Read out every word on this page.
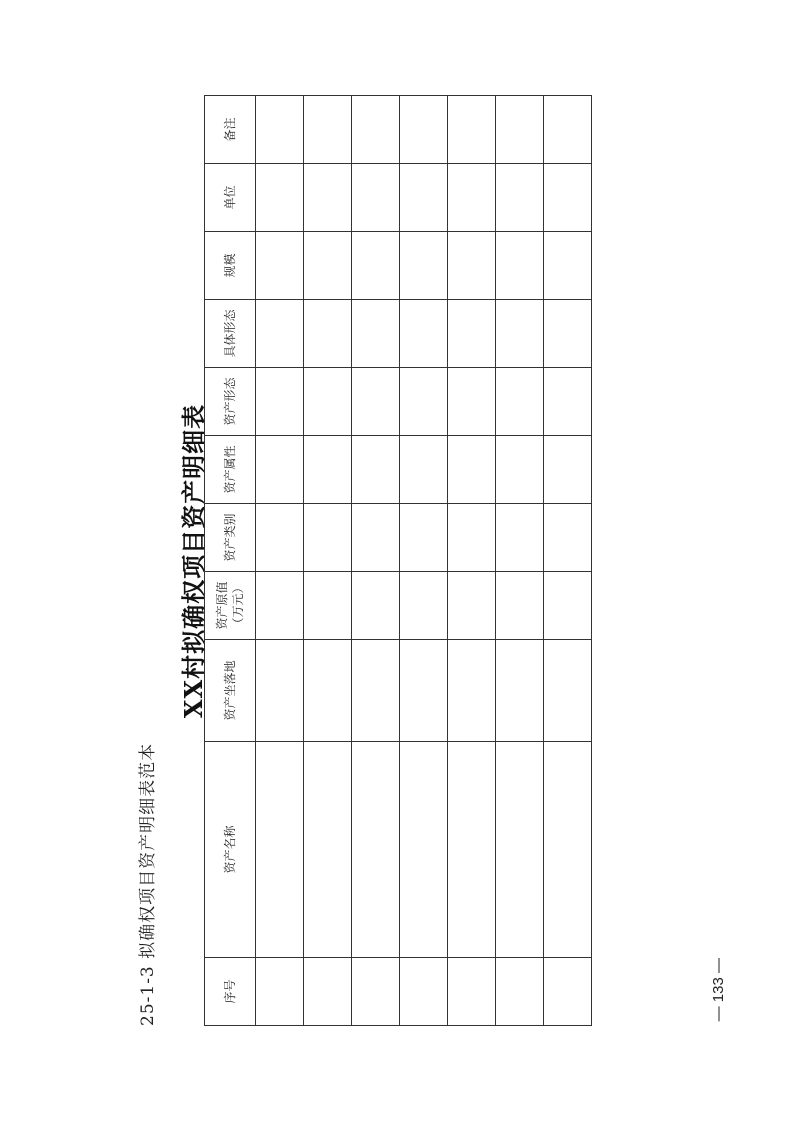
25-1-3 拟确权项目资产明细表范本
XX村拟确权项目资产明细表
序号	资产名称	资产坐落地	资产原值 （万元）	资产类别	资产属性	资产形态	具体形态	规模	单位	备注

— 133 —
